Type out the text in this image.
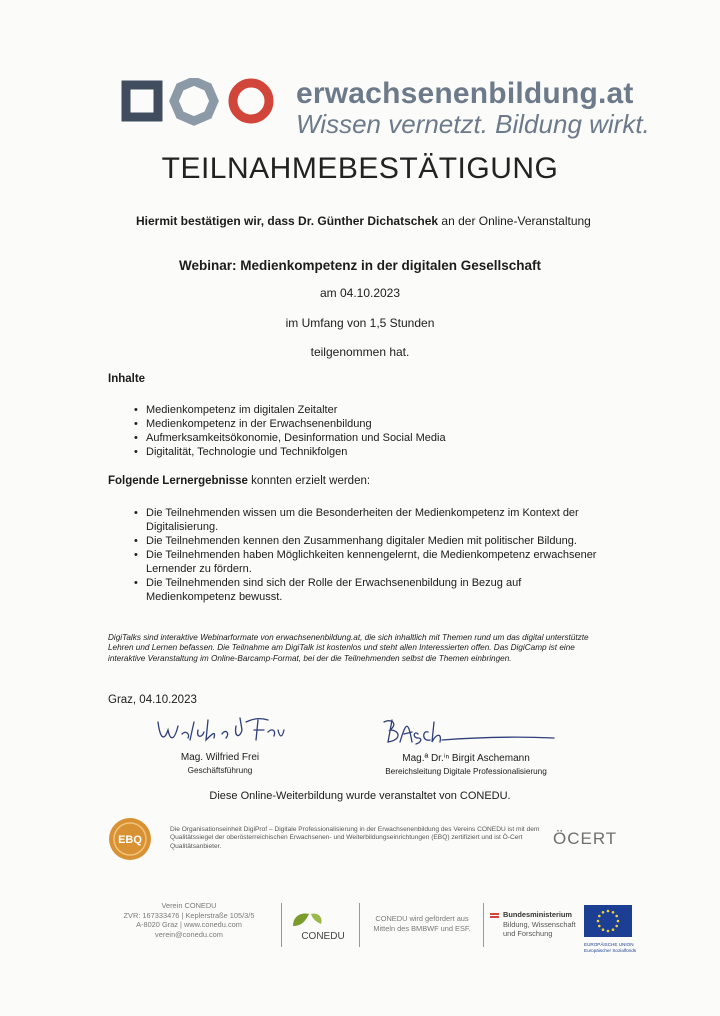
erwachsenenbildung.at
Wissen vernetzt. Bildung wirkt.
TEILNAHMEBESTÄTIGUNG
Hiermit bestätigen wir, dass Dr. Günther Dichatschek an der Online-Veranstaltung
Webinar: Medienkompetenz in der digitalen Gesellschaft
am 04.10.2023
im Umfang von 1,5 Stunden
teilgenommen hat.
Inhalte
• Medienkompetenz im digitalen Zeitalter
• Medienkompetenz in der Erwachsenenbildung
• Aufmerksamkeitsökonomie, Desinformation und Social Media
• Digitalität, Technologie und Technikfolgen
Folgende Lernergebnisse konnten erzielt werden:
• Die Teilnehmenden wissen um die Besonderheiten der Medienkompetenz im Kontext der Digitalisierung.
• Die Teilnehmenden kennen den Zusammenhang digitaler Medien mit politischer Bildung.
• Die Teilnehmenden haben Möglichkeiten kennengelernt, die Medienkompetenz erwachsener Lernender zu fördern.
• Die Teilnehmenden sind sich der Rolle der Erwachsenenbildung in Bezug auf Medienkompetenz bewusst.
DigiTalks sind interaktive Webinarformate von erwachsenenbildung.at, die sich inhaltlich mit Themen rund um das digital unterstützte Lehren und Lernen befassen. Die Teilnahme am DigiTalk ist kostenlos und steht allen Interessierten offen. Das DigiCamp ist eine interaktive Veranstaltung im Online-Barcamp-Format, bei der die Teilnehmenden selbst die Themen einbringen.
Graz, 04.10.2023
Mag. Wilfried Frei
Geschäftsführung
Mag.ª Dr.ⁱⁿ Birgit Aschemann
Bereichsleitung Digitale Professionalisierung
Diese Online-Weiterbildung wurde veranstaltet von CONEDU.
EBQ
Die Organisationseinheit DigiProf – Digitale Professionalisierung in der Erwachsenenbildung des Vereins CONEDU ist mit dem Qualitätssiegel der oberösterreichischen Erwachsenen- und Weiterbildungseinrichtungen (EBQ) zertifiziert und ist Ö-Cert Qualitätsanbieter.	ÖCERT
Verein CONEDU
ZVR: 167333476 | Keplerstraße 105/3/5
A-8020 Graz | www.conedu.com
verein@conedu.com	CONEDU
CONEDU wird gefördert aus
Mitteln des BMBWF und ESF.
Bundesministerium
Bildung, Wissenschaft
und Forschung
EUROPÄISCHE UNION
Europäischer Sozialfonds
